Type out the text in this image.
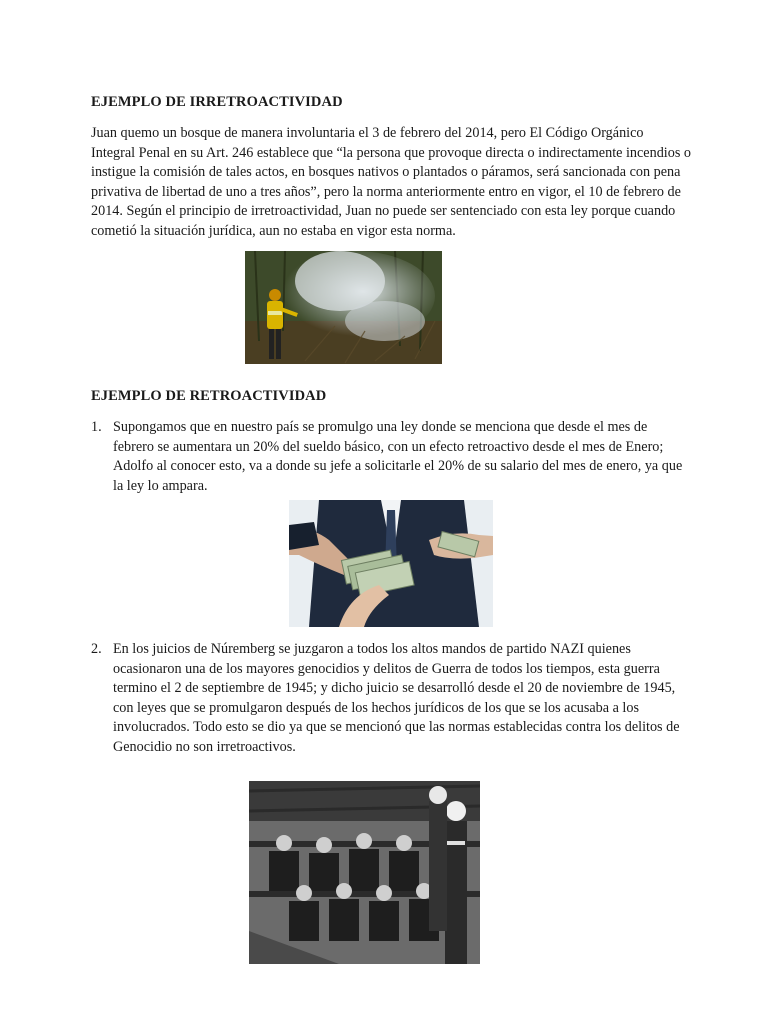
EJEMPLO DE IRRETROACTIVIDAD
Juan quemo un bosque de manera involuntaria el 3 de febrero del 2014, pero El Código Orgánico Integral Penal en su Art. 246 establece que “la persona que provoque directa o indirectamente incendios o instigue la comisión de tales actos, en bosques nativos o plantados o páramos, será sancionada con pena privativa de libertad de uno a tres años”, pero la norma anteriormente entro en vigor, el 10 de febrero de 2014. Según el principio de irretroactividad, Juan no puede ser sentenciado con esta ley porque cuando cometió la situación jurídica, aun no estaba en vigor esta norma.
EJEMPLO DE RETROACTIVIDAD
1. Supongamos que en nuestro país se promulgo una ley donde se menciona que desde el mes de febrero se aumentara un 20% del sueldo básico, con un efecto retroactivo desde el mes de Enero; Adolfo al conocer esto, va a donde su jefe a solicitarle el 20% de su salario del mes de enero, ya que la ley lo ampara.
2. En los juicios de Núremberg se juzgaron a todos los altos mandos de partido NAZI quienes ocasionaron una de los mayores genocidios y delitos de Guerra de todos los tiempos, esta guerra termino el 2 de septiembre de 1945; y dicho juicio se desarrolló desde el 20 de noviembre de 1945, con leyes que se promulgaron después de los hechos jurídicos de los que se los acusaba a los involucrados. Todo esto se dio ya que se mencionó que las normas establecidas contra los delitos de Genocidio no son irretroactivos.
